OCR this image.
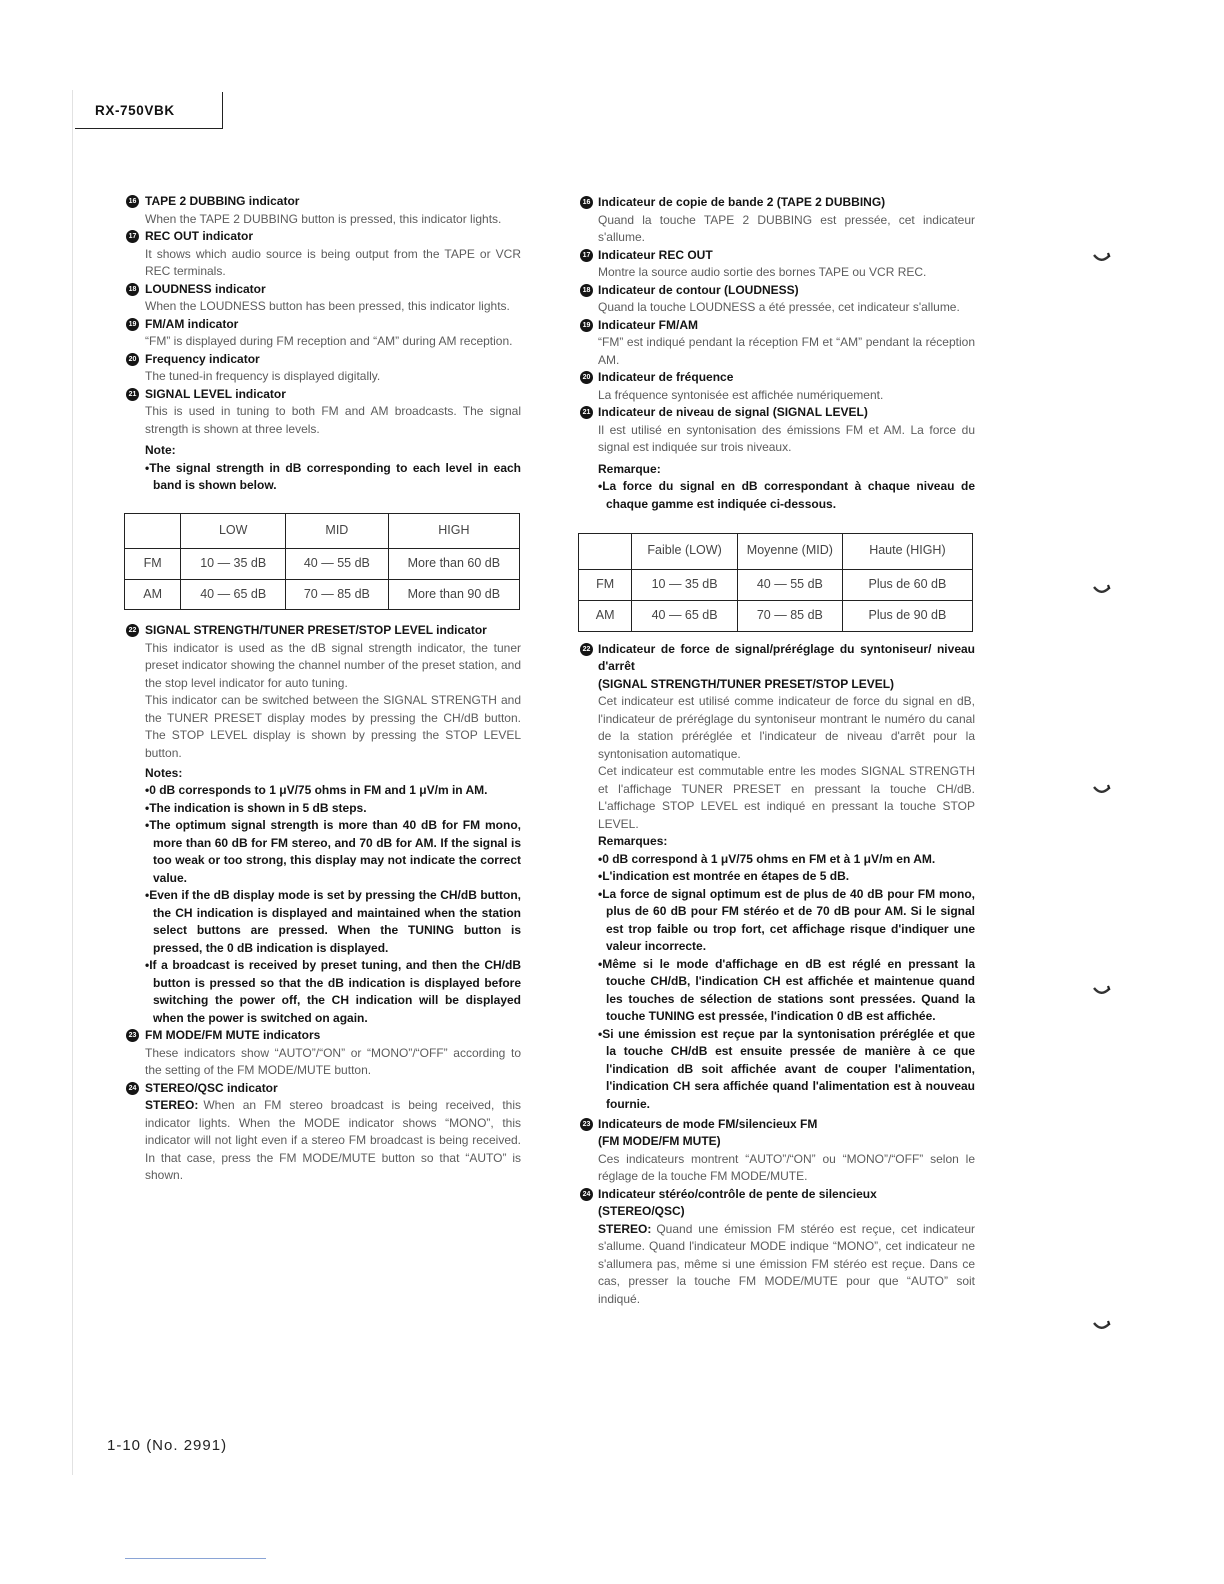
RX-750VBK
16 TAPE 2 DUBBING indicator

When the TAPE 2 DUBBING button is pressed, this indicator lights.

17 REC OUT indicator

It shows which audio source is being output from the TAPE or VCR REC terminals.

18 LOUDNESS indicator

When the LOUDNESS button has been pressed, this indicator lights.

19 FM/AM indicator

“FM” is displayed during FM reception and “AM” during AM reception.

20 Frequency indicator

The tuned-in frequency is displayed digitally.

21 SIGNAL LEVEL indicator

This is used in tuning to both FM and AM broadcasts. The signal strength is shown at three levels.

Note:

•The signal strength in dB corresponding to each level in each band is shown below.

	LOW	MID	HIGH
FM	10 — 35 dB	40 — 55 dB	More than 60 dB
AM	40 — 65 dB	70 — 85 dB	More than 90 dB
22 SIGNAL STRENGTH/TUNER PRESET/STOP LEVEL indicator

This indicator is used as the dB signal strength indicator, the tuner preset indicator showing the channel number of the preset station, and the stop level indicator for auto tuning.

This indicator can be switched between the SIGNAL STRENGTH and the TUNER PRESET display modes by pressing the CH/dB button. The STOP LEVEL display is shown by pressing the STOP LEVEL button.

Notes:

•0 dB corresponds to 1 μV/75 ohms in FM and 1 μV/m in AM.

•The indication is shown in 5 dB steps.

•The optimum signal strength is more than 40 dB for FM mono, more than 60 dB for FM stereo, and 70 dB for AM. If the signal is too weak or too strong, this display may not indicate the correct value.

•Even if the dB display mode is set by pressing the CH/dB button, the CH indication is displayed and maintained when the station select buttons are pressed. When the TUNING button is pressed, the 0 dB indication is displayed.

•If a broadcast is received by preset tuning, and then the CH/dB button is pressed so that the dB indication is displayed before switching the power off, the CH indication will be displayed when the power is switched on again.

23 FM MODE/FM MUTE indicators

These indicators show “AUTO”/“ON” or “MONO”/“OFF” according to the setting of the FM MODE/MUTE button.

24 STEREO/QSC indicator

STEREO: When an FM stereo broadcast is being received, this indicator lights. When the MODE indicator shows “MONO”, this indicator will not light even if a stereo FM broadcast is being received. In that case, press the FM MODE/MUTE button so that “AUTO” is shown.

16 Indicateur de copie de bande 2 (TAPE 2 DUBBING)

Quand la touche TAPE 2 DUBBING est pressée, cet indicateur s'allume.

17 Indicateur REC OUT

Montre la source audio sortie des bornes TAPE ou VCR REC.

18 Indicateur de contour (LOUDNESS)

Quand la touche LOUDNESS a été pressée, cet indicateur s'allume.

19 Indicateur FM/AM

“FM” est indiqué pendant la réception FM et “AM” pendant la réception AM.

20 Indicateur de fréquence

La fréquence syntonisée est affichée numériquement.

21 Indicateur de niveau de signal (SIGNAL LEVEL)

Il est utilisé en syntonisation des émissions FM et AM. La force du signal est indiquée sur trois niveaux.

Remarque:

•La force du signal en dB correspondant à chaque niveau de chaque gamme est indiquée ci-dessous.

	Faible (LOW)	Moyenne (MID)	Haute (HIGH)
FM	10 — 35 dB	40 — 55 dB	Plus de 60 dB
AM	40 — 65 dB	70 — 85 dB	Plus de 90 dB
22 Indicateur de force de signal/préréglage du syntoniseur/ niveau d'arrêt
(SIGNAL STRENGTH/TUNER PRESET/STOP LEVEL)

Cet indicateur est utilisé comme indicateur de force du signal en dB, l'indicateur de préréglage du syntoniseur montrant le numéro du canal de la station préréglée et l'indicateur de niveau d'arrêt pour la syntonisation automatique.

Cet indicateur est commutable entre les modes SIGNAL STRENGTH et l'affichage TUNER PRESET en pressant la touche CH/dB. L'affichage STOP LEVEL est indiqué en pressant la touche STOP LEVEL.

Remarques:

•0 dB correspond à 1 μV/75 ohms en FM et à 1 μV/m en AM.

•L'indication est montrée en étapes de 5 dB.

•La force de signal optimum est de plus de 40 dB pour FM mono, plus de 60 dB pour FM stéréo et de 70 dB pour AM. Si le signal est trop faible ou trop fort, cet affichage risque d'indiquer une valeur incorrecte.

•Même si le mode d'affichage en dB est réglé en pressant la touche CH/dB, l'indication CH est affichée et maintenue quand les touches de sélection de stations sont pressées. Quand la touche TUNING est pressée, l'indication 0 dB est affichée.

•Si une émission est reçue par la syntonisation préréglée et que la touche CH/dB est ensuite pressée de manière à ce que l'indication dB soit affichée avant de couper l'alimentation, l'indication CH sera affichée quand l'alimentation est à nouveau fournie.

23 Indicateurs de mode FM/silencieux FM
(FM MODE/FM MUTE)

Ces indicateurs montrent “AUTO”/“ON” ou “MONO”/“OFF” selon le réglage de la touche FM MODE/MUTE.

24 Indicateur stéréo/contrôle de pente de silencieux
(STEREO/QSC)

STEREO: Quand une émission FM stéréo est reçue, cet indicateur s'allume. Quand l'indicateur MODE indique “MONO”, cet indicateur ne s'allumera pas, même si une émission FM stéréo est reçue. Dans ce cas, presser la touche FM MODE/MUTE pour que “AUTO” soit indiqué.

1-10 (No. 2991)
